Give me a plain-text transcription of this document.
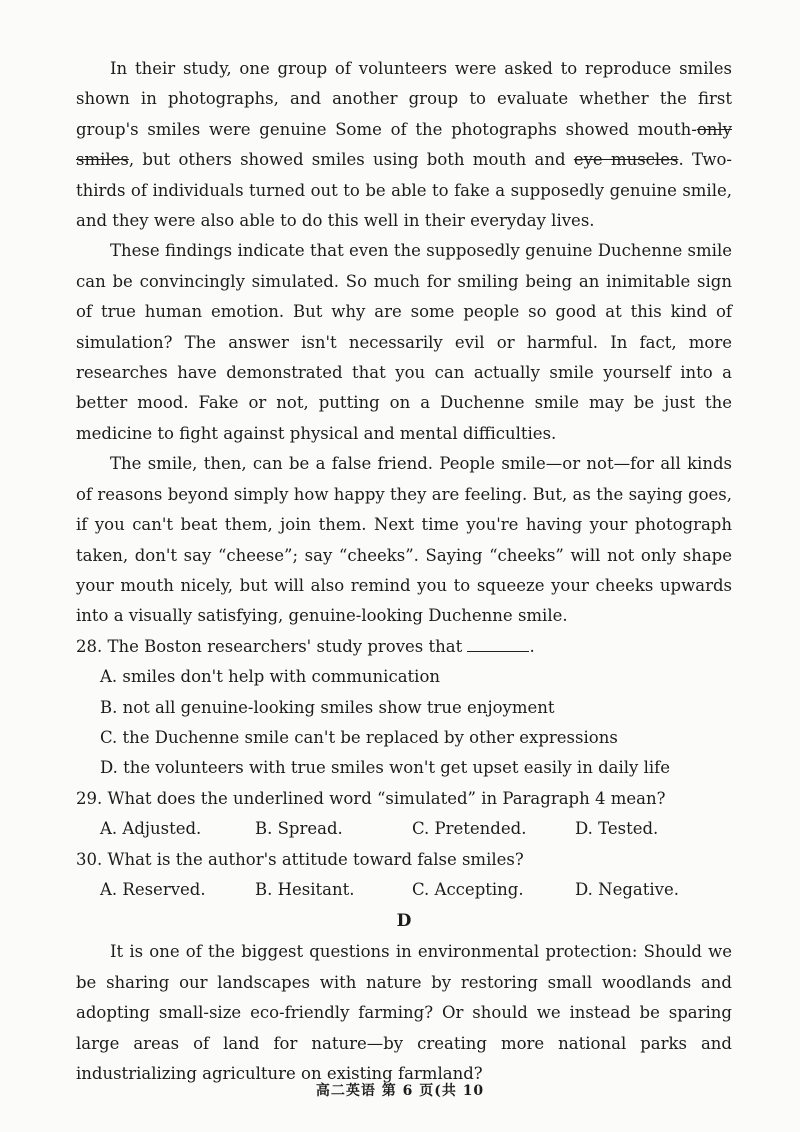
In their study, one group of volunteers were asked to reproduce smiles shown in photographs, and another group to evaluate whether the first group's smiles were genuine Some of the photographs showed mouth-only smiles, but others showed smiles using both mouth and eye muscles. Two-thirds of individuals turned out to be able to fake a supposedly genuine smile, and they were also able to do this well in their everyday lives.

These findings indicate that even the supposedly genuine Duchenne smile can be convincingly simulated. So much for smiling being an inimitable sign of true human emotion. But why are some people so good at this kind of simulation? The answer isn't necessarily evil or harmful. In fact, more researches have demonstrated that you can actually smile yourself into a better mood. Fake or not, putting on a Duchenne smile may be just the medicine to fight against physical and mental difficulties.

The smile, then, can be a false friend. People smile—or not—for all kinds of reasons beyond simply how happy they are feeling. But, as the saying goes, if you can't beat them, join them. Next time you're having your photograph taken, don't say “cheese”; say “cheeks”. Saying “cheeks” will not only shape your mouth nicely, but will also remind you to squeeze your cheeks upwards into a visually satisfying, genuine-looking Duchenne smile.

28. The Boston researchers' study proves that	.

A. smiles don't help with communication

B. not all genuine-looking smiles show true enjoyment

C. the Duchenne smile can't be replaced by other expressions

D. the volunteers with true smiles won't get upset easily in daily life

29. What does the underlined word “simulated” in Paragraph 4 mean?

A. Adjusted.	B. Spread.	C. Pretended.	D. Tested.

30. What is the author's attitude toward false smiles?

A. Reserved.	B. Hesitant.	C. Accepting.	D. Negative.

D

It is one of the biggest questions in environmental protection: Should we be sharing our landscapes with nature by restoring small woodlands and adopting small-size eco-friendly farming? Or should we instead be sparing large areas of land for nature—by creating more national parks and industrializing agriculture on existing farmland?

高二英语 第 6 页(共 10
